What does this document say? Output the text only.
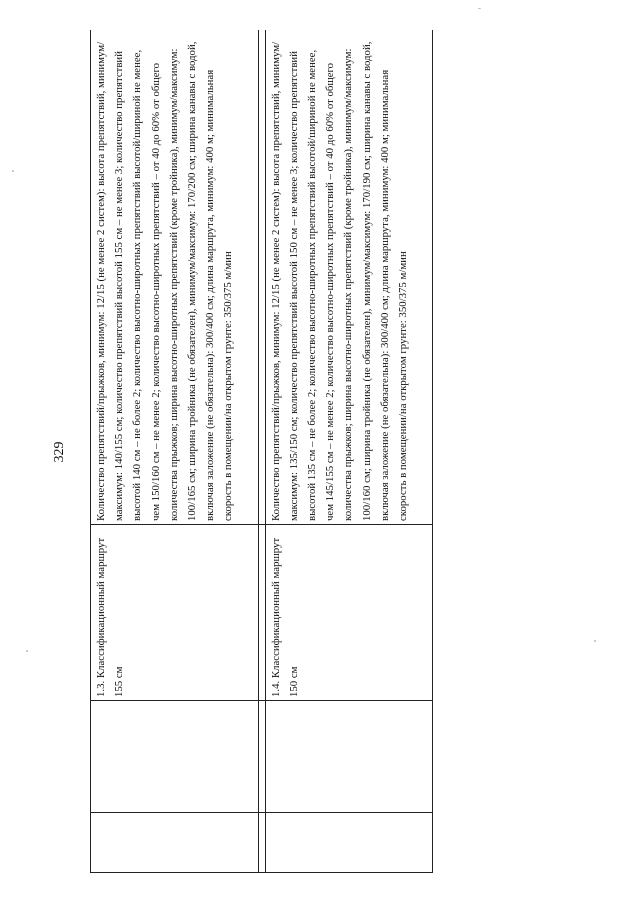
329
		1.3. Классификационный маршрут 155 см	Количество препятствий/прыжков, минимум: 12/15 (не менее 2 систем): высота препятствий, минимум/максимум: 140/155 см; количество препятствий высотой 155 см – не менее 3; количество препятствий высотой 140 см – не более 2; количество высотно-широтных препятствий высотой/шириной не менее, чем 150/160 см – не менее 2; количество высотно-широтных препятствий – от 40 до 60% от общего количества прыжков; ширина высотно-широтных препятствий (кроме тройника), минимум/максимум: 100/165 см; ширина тройника (не обязателен), минимум/максимум: 170/200 см; ширина канавы с водой, включая заложение (не обязательна): 300/400 см; длина маршрута, минимум: 400 м; минимальная скорость в помещении/на открытом грунте: 350/375 м/мин

		1.4. Классификационный маршрут 150 см	Количество препятствий/прыжков, минимум: 12/15 (не менее 2 систем): высота препятствий, минимум/максимум: 135/150 см; количество препятствий высотой 150 см – не менее 3; количество препятствий высотой 135 см – не более 2; количество высотно-широтных препятствий высотой/шириной не менее, чем 145/155 см – не менее 2; количество высотно-широтных препятствий – от 40 до 60% от общего количества прыжков; ширина высотно-широтных препятствий (кроме тройника), минимум/максимум: 100/160 см; ширина тройника (не обязателен), минимум/максимум: 170/190 см; ширина канавы с водой, включая заложение (не обязательна): 300/400 см; длина маршрута, минимум: 400 м; минимальная скорость в помещении/на открытом грунте: 350/375 м/мин
